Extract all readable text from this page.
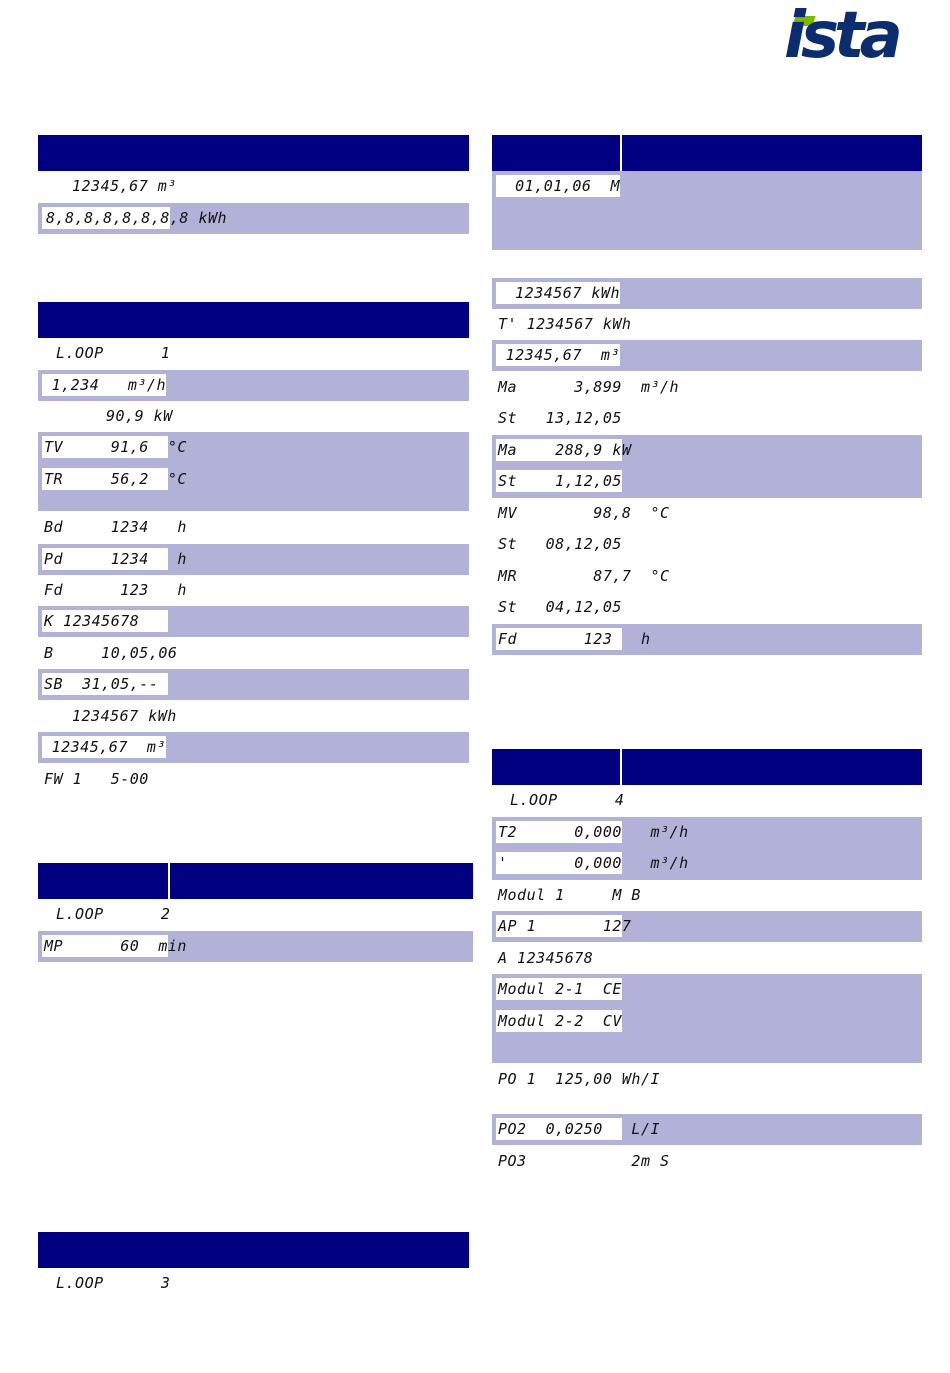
ista
12345,67 m³
8,8,8,8,8,8,8,8 kWh
L.OOP      1
1,234   m³/h
90,9 kW
TV     91,6  °C
TR     56,2  °C
Bd     1234   h
Pd     1234   h
Fd      123   h
K 12345678
B     10,05,06
SB  31,05,--
1234567 kWh
12345,67  m³
FW 1   5-00
L.OOP      2
MP      60  min
L.OOP      3
01,01,06  M
1234567 kWh
T' 1234567 kWh
12345,67  m³
Ma      3,899  m³/h
St   13,12,05
Ma    288,9 kW
St    1,12,05
MV        98,8  °C
St   08,12,05
MR        87,7  °C
St   04,12,05
Fd       123   h
L.OOP      4
T2      0,000   m³/h
'       0,000   m³/h
Modul 1     M B
AP 1       127
A 12345678
Modul 2-1  CE
Modul 2-2  CV
PO 1  125,00 Wh/I
PO2  0,0250   L/I
PO3           2m S
